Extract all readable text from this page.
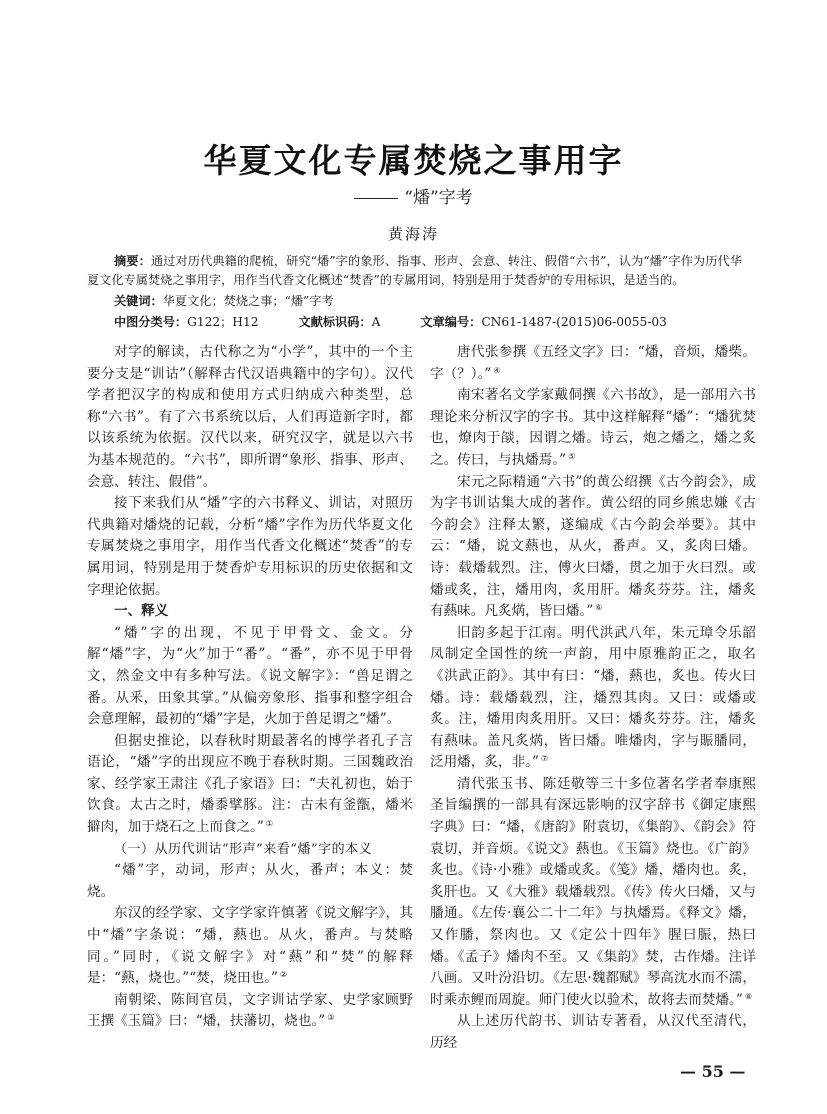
华夏文化专属焚烧之事用字
“燔”字考
黄海涛
摘要：通过对历代典籍的爬梳，研究“燔”字的象形、指事、形声、会意、转注、假借“六书”，认为“燔”字作为历代华夏文化专属焚烧之事用字，用作当代香文化概述“焚香”的专属用词，特别是用于焚香炉的专用标识，是适当的。
关键词：华夏文化；焚烧之事；“燔”字考
中图分类号：G122；H12	文献标识码：A	文章编号：CN61-1487-(2015)06-0055-03

对字的解读，古代称之为“小学”，其中的一个主要分支是“训诂”（解释古代汉语典籍中的字句）。汉代学者把汉字的构成和使用方式归纳成六种类型，总称“六书”。有了六书系统以后，人们再造新字时，都以该系统为依据。汉代以来，研究汉字，就是以六书为基本规范的。“六书”，即所谓“象形、指事、形声、会意、转注、假借”。

接下来我们从“燔”字的六书释义、训诂，对照历代典籍对燔烧的记载，分析“燔”字作为历代华夏文化专属焚烧之事用字，用作当代香文化概述“焚香”的专属用词，特别是用于焚香炉专用标识的历史依据和文字理论依据。

一、释义

“燔”字的出现，不见于甲骨文、金文。分解“燔”字，为“火”加于“番”。“番”，亦不见于甲骨文，然金文中有多种写法。《说文解字》：“兽足谓之番。从釆，田象其掌。”从偏旁象形、指事和整字组合会意理解，最初的“燔”字是，火加于兽足谓之“燔”。

但据史推论，以春秋时期最著名的博学者孔子言语论，“燔”字的出现应不晚于春秋时期。三国魏政治家、经学家王肃注《孔子家语》曰：“夫礼初也，始于饮食。太古之时，燔黍擘豚。注：古未有釜甑，燔米擗肉，加于烧石之上而食之。” ①

（一）从历代训诂“形声”来看“燔”字的本义

“燔”字，动词，形声；从火，番声；本义：焚烧。

东汉的经学家、文字学家许慎著《说文解字》，其中“燔”字条说：“燔，爇也。从火，番声。与焚略同。”同时，《说文解字》对“爇”和“焚”的解释是：“爇，烧也。”“焚，烧田也。” ②

南朝梁、陈间官员，文字训诂学家、史学家顾野王撰《玉篇》曰：“燔，扶藩切，烧也。” ③

唐代张参撰《五经文字》曰：“燔，音烦，燔柴。字（？）。” ④

南宋著名文学家戴侗撰《六书故》，是一部用六书理论来分析汉字的字书。其中这样解释“燔”：“燔犹焚也，燎肉于燄，因谓之燔。诗云，炮之燔之，燔之炙之。传曰，与执燔焉。” ⑤

宋元之际精通“六书”的黄公绍撰《古今韵会》，成为字书训诂集大成的著作。黄公绍的同乡熊忠嫌《古今韵会》注释太繁，遂编成《古今韵会举要》。其中云：“燔，说文爇也，从火，番声。又，炙肉曰燔。诗：载燔载烈。注，傅火曰燔，贯之加于火曰烈。或燔或炙，注，燔用肉，炙用肝。燔炙芬芬。注，燔炙有爇味。凡炙焫，皆曰燔。” ⑥

旧韵多起于江南。明代洪武八年，朱元璋令乐韶凤制定全国性的统一声韵，用中原雅韵正之，取名《洪武正韵》。其中有曰：“燔，爇也，炙也。传火曰燔。诗：载燔载烈，注，燔烈其肉。又曰：或燔或炙。注，燔用肉炙用肝。又曰：燔炙芬芬。注，燔炙有爇味。盖凡炙焫，皆曰燔。唯燔肉，字与賑膰同，泛用燔，炙，非。” ⑦

清代张玉书、陈廷敬等三十多位著名学者奉康熙圣旨编撰的一部具有深远影响的汉字辞书《御定康熙字典》曰：“燔，《唐韵》附袁切，《集韵》、《韵会》符袁切，并音烦。《说文》爇也。《玉篇》烧也。《广韵》炙也。《诗·小雅》或燔或炙。《笺》燔，燔肉也。炙，炙肝也。又《大雅》载燔载烈。《传》传火曰燔，又与膰通。《左传·襄公二十二年》与执燔焉。《释文》燔，又作膰，祭肉也。又《定公十四年》腥曰脤，热曰燔。《孟子》燔肉不至。又《集韵》焚，古作燔。注详八画。又叶汾沿切。《左思·魏都赋》琴高沈水而不濡，时乘赤鲤而周旋。师门使火以验术，故将去而焚燔。” ⑧

从上述历代韵书、训诂专著看，从汉代至清代，历经

— 55 —
